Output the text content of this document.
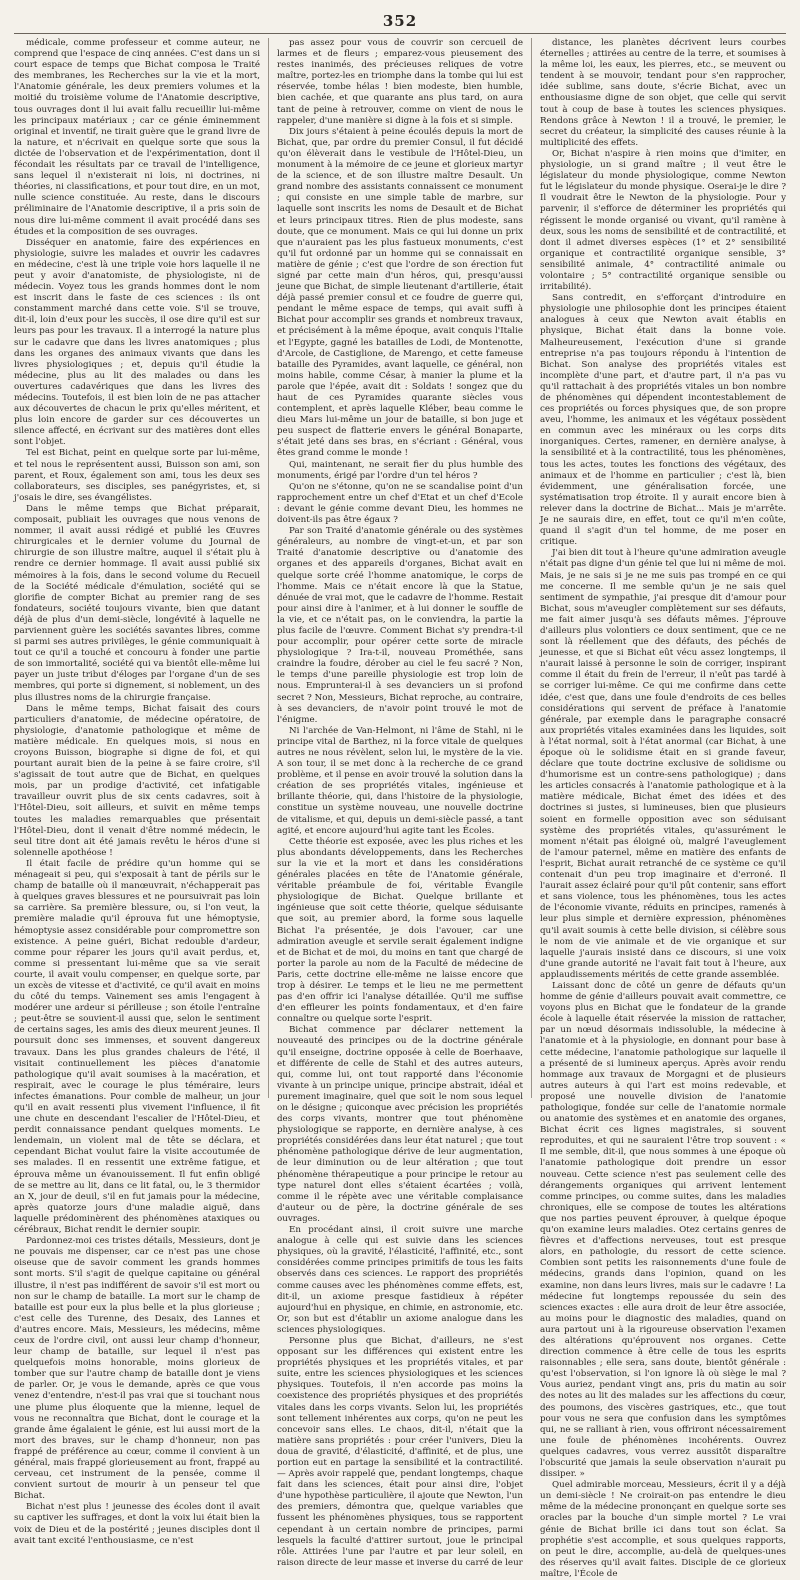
352

médicale, comme professeur et comme auteur, ne comprend que l'espace de cinq années. C'est dans un si court espace de temps que Bichat composa le Traité des membranes, les Recherches sur la vie et la mort, l'Anatomie générale, les deux premiers volumes et la moitié du troisième volume de l'Anatomie descriptive, tous ouvrages dont il lui avait fallu recueillir lui-même les principaux matériaux ; car ce génie éminemment original et inventif, ne tirait guère que le grand livre de la nature, et n'écrivait en quelque sorte que sous la dictée de l'observation et de l'expérimentation, dont il fécondait les résultats par ce travail de l'intelligence, sans lequel il n'existerait ni lois, ni doctrines, ni théories, ni classifications, et pour tout dire, en un mot, nulle science constituée. Au reste, dans le discours préliminaire de l'Anatomie descriptive, il a pris soin de nous dire lui-même comment il avait procédé dans ses études et la composition de ses ouvrages.

Disséquer en anatomie, faire des expériences en physiologie, suivre les malades et ouvrir les cadavres en médecine, c'est là une triple voie hors laquelle il ne peut y avoir d'anatomiste, de physiologiste, ni de médecin. Voyez tous les grands hommes dont le nom est inscrit dans le faste de ces sciences : ils ont constamment marché dans cette voie. S'il se trouve, dit-il, loin d'eux pour les succès, il ose dire qu'il est sur leurs pas pour les travaux. Il a interrogé la nature plus sur le cadavre que dans les livres anatomiques ; plus dans les organes des animaux vivants que dans les livres physiologiques ; et, depuis qu'il étudie la médecine, plus au lit des malades ou dans les ouvertures cadavériques que dans les livres des médecins. Toutefois, il est bien loin de ne pas attacher aux découvertes de chacun le prix qu'elles méritent, et plus loin encore de garder sur ces découvertes un silence affecté, en écrivant sur des matières dont elles sont l'objet.

Tel est Bichat, peint en quelque sorte par lui-même, et tel nous le représentent aussi, Buisson son ami, son parent, et Roux, également son ami, tous les deux ses collaborateurs, ses disciples, ses panégyristes, et, si j'osais le dire, ses évangélistes.

Dans le même temps que Bichat préparait, composait, publiait les ouvrages que nous venons de nommer, il avait aussi rédigé et publié les Œuvres chirurgicales et le dernier volume du Journal de chirurgie de son illustre maître, auquel il s'était plu à rendre ce dernier hommage. Il avait aussi publié six mémoires à la fois, dans le second volume du Recueil de la Société médicale d'émulation, société qui se glorifie de compter Bichat au premier rang de ses fondateurs, société toujours vivante, bien que datant déjà de plus d'un demi-siècle, longévité à laquelle ne parviennent guère les sociétés savantes libres, comme si parmi ses autres privilèges, le génie communiquait à tout ce qu'il a touché et concouru à fonder une partie de son immortalité, société qui va bientôt elle-même lui payer un juste tribut d'éloges par l'organe d'un de ses membres, qui porte si dignement, si noblement, un des plus illustres noms de la chirurgie française.

Dans le même temps, Bichat faisait des cours particuliers d'anatomie, de médecine opératoire, de physiologie, d'anatomie pathologique et même de matière médicale. En quelques mois, si nous en croyons Buisson, biographe si digne de foi, et qui pourtant aurait bien de la peine à se faire croire, s'il s'agissait de tout autre que de Bichat, en quelques mois, par un prodige d'activité, cet infatigable travailleur ouvrit plus de six cents cadavres, soit à l'Hôtel-Dieu, soit ailleurs, et suivit en même temps toutes les maladies remarquables que présentait l'Hôtel-Dieu, dont il venait d'être nommé médecin, le seul titre dont ait été jamais revêtu le héros d'une si solennelle apothéose !

Il était facile de prédire qu'un homme qui se ménageait si peu, qui s'exposait à tant de périls sur le champ de bataille où il manœuvrait, n'échapperait pas à quelques graves blessures et ne poursuivrait pas loin sa carrière. Sa première blessure, ou, si l'on veut, la première maladie qu'il éprouva fut une hémoptysie, hémoptysie assez considérable pour compromettre son existence. A peine guéri, Bichat redouble d'ardeur, comme pour réparer les jours qu'il avait perdus, et, comme si pressentant lui-même que sa vie serait courte, il avait voulu compenser, en quelque sorte, par un excès de vitesse et d'activité, ce qu'il avait en moins du côté du temps. Vainement ses amis l'engagent à modérer une ardeur si périlleuse ; son étoile l'entraîne ; peut-être se souvient-il aussi que, selon le sentiment de certains sages, les amis des dieux meurent jeunes. Il poursuit donc ses immenses, et souvent dangereux travaux. Dans les plus grandes chaleurs de l'été, il visitait continuellement les pièces d'anatomie pathologique qu'il avait soumises à la macération, et respirait, avec le courage le plus téméraire, leurs infectes émanations. Pour comble de malheur, un jour qu'il en avait ressenti plus vivement l'influence, il fit une chute en descendant l'escalier de l'Hôtel-Dieu, et perdit connaissance pendant quelques moments. Le lendemain, un violent mal de tête se déclara, et cependant Bichat voulut faire la visite accoutumée de ses malades. Il en ressentit une extrême fatigue, et éprouva même un évanouissement. Il fut enfin obligé de se mettre au lit, dans ce lit fatal, ou, le 3 thermidor an X, jour de deuil, s'il en fut jamais pour la médecine, après quatorze jours d'une maladie aiguë, dans laquelle prédominèrent des phénomènes ataxiques ou cérébraux, Bichat rendit le dernier soupir.

Pardonnez-moi ces tristes détails, Messieurs, dont je ne pouvais me dispenser, car ce n'est pas une chose oiseuse que de savoir comment les grands hommes sont morts. S'il s'agit de quelque capitaine ou général illustre, il n'est pas indifférent de savoir s'il est mort ou non sur le champ de bataille. La mort sur le champ de bataille est pour eux la plus belle et la plus glorieuse ; c'est celle des Turenne, des Desaix, des Lannes et d'autres encore. Mais, Messieurs, les médecins, même ceux de l'ordre civil, ont aussi leur champ d'honneur, leur champ de bataille, sur lequel il n'est pas quelquefois moins honorable, moins glorieux de tomber que sur l'autre champ de bataille dont je viens de parler. Or, je vous le demande, après ce que vous venez d'entendre, n'est-il pas vrai que si touchant nous une plume plus éloquente que la mienne, lequel de vous ne reconnaîtra que Bichat, dont le courage et la grande âme égalaient le génie, est lui aussi mort de la mort des braves, sur le champ d'honneur, non pas frappé de préférence au cœur, comme il convient à un général, mais frappé glorieusement au front, frappé au cerveau, cet instrument de la pensée, comme il convient surtout de mourir à un penseur tel que Bichat.

Bichat n'est plus ! jeunesse des écoles dont il avait su captiver les suffrages, et dont la voix lui était bien la voix de Dieu et de la postérité ; jeunes disciples dont il avait tant excité l'enthousiasme, ce n'est

pas assez pour vous de couvrir son cercueil de larmes et de fleurs ; emparez-vous pieusement des restes inanimés, des précieuses reliques de votre maître, portez-les en triomphe dans la tombe qui lui est réservée, tombe hélas ! bien modeste, bien humble, bien cachée, et que quarante ans plus tard, on aura tant de peine à retrouver, comme on vient de nous le rappeler, d'une manière si digne à la fois et si simple.

Dix jours s'étaient à peine écoulés depuis la mort de Bichat, que, par ordre du premier Consul, il fut décidé qu'on élèverait dans le vestibule de l'Hôtel-Dieu, un monument à la mémoire de ce jeune et glorieux martyr de la science, et de son illustre maître Desault. Un grand nombre des assistants connaissent ce monument ; qui consiste en une simple table de marbre, sur laquelle sont inscrits les noms de Desault et de Bichat et leurs principaux titres. Rien de plus modeste, sans doute, que ce monument. Mais ce qui lui donne un prix que n'auraient pas les plus fastueux monuments, c'est qu'il fut ordonné par un homme qui se connaissait en matière de génie ; c'est que l'ordre de son érection fut signé par cette main d'un héros, qui, presqu'aussi jeune que Bichat, de simple lieutenant d'artillerie, était déjà passé premier consul et ce foudre de guerre qui, pendant le même espace de temps, qui avait suffi à Bichat pour accomplir ses grands et nombreux travaux, et précisément à la même époque, avait conquis l'Italie et l'Egypte, gagné les batailles de Lodi, de Montenotte, d'Arcole, de Castiglione, de Marengo, et cette fameuse bataille des Pyramides, avant laquelle, ce général, non moins habile, comme César, à manier la plume et la parole que l'épée, avait dit : Soldats ! songez que du haut de ces Pyramides quarante siècles vous contemplent, et après laquelle Kléber, beau comme le dieu Mars lui-même un jour de bataille, si bon juge et peu suspect de flatterie envers le général Bonaparte, s'était jeté dans ses bras, en s'écriant : Général, vous êtes grand comme le monde !

Qui, maintenant, ne serait fier du plus humble des monuments, érigé par l'ordre d'un tel héros ?

Qu'on ne s'étonne, qu'on ne se scandalise point d'un rapprochement entre un chef d'Etat et un chef d'Ecole : devant le génie comme devant Dieu, les hommes ne doivent-ils pas être égaux ?

Par son Traité d'anatomie générale ou des systèmes généraleurs, au nombre de vingt-et-un, et par son Traité d'anatomie descriptive ou d'anatomie des organes et des appareils d'organes, Bichat avait en quelque sorte créé l'homme anatomique, le corps de l'homme. Mais ce n'était encore là que la Statue, dénuée de vrai mot, que le cadavre de l'homme. Restait pour ainsi dire à l'animer, et à lui donner le souffle de la vie, et ce n'était pas, on le conviendra, la partie la plus facile de l'œuvre. Comment Bichat s'y prendra-t-il pour accomplir, pour opérer cette sorte de miracle physiologique ? Ira-t-il, nouveau Prométhée, sans craindre la foudre, dérober au ciel le feu sacré ? Non, le temps d'une pareille physiologie est trop loin de nous. Emprunterai-il à ses devanciers un si profond secret ? Non, Messieurs, Bichat reproche, au contraire, à ses devanciers, de n'avoir point trouvé le mot de l'énigme.

Ni l'archée de Van-Helmont, ni l'âme de Stahl, ni le principe vital de Barthez, ni la force vitale de quelques autres ne nous révèlent, selon lui, le mystère de la vie. A son tour, il se met donc à la recherche de ce grand problème, et il pense en avoir trouvé la solution dans la création de ses propriétés vitales, ingénieuse et brillante théorie, qui, dans l'histoire de la physiologie, constitue un système nouveau, une nouvelle doctrine de vitalisme, et qui, depuis un demi-siècle passé, a tant agité, et encore aujourd'hui agite tant les Écoles.

Cette théorie est exposée, avec les plus riches et les plus abondants développements, dans les Recherches sur la vie et la mort et dans les considérations générales placées en tête de l'Anatomie générale, véritable préambule de foi, véritable Évangile physiologique de Bichat. Quelque brillante et ingénieuse que soit cette théorie, quelque séduisante que soit, au premier abord, la forme sous laquelle Bichat l'a présentée, je dois l'avouer, car une admiration aveugle et servile serait également indigne et de Bichat et de moi, du moins en tant que chargé de porter la parole au nom de la Faculté de médecine de Paris, cette doctrine elle-même ne laisse encore que trop à désirer. Le temps et le lieu ne me permettent pas d'en offrir ici l'analyse détaillée. Qu'il me suffise d'en effleurer les points fondamentaux, et d'en faire connaître ou quelque sorte l'esprit.

Bichat commence par déclarer nettement la nouveauté des principes ou de la doctrine générale qu'il enseigne, doctrine opposée à celle de Boerhaave, et différente de celle de Stahl et des autres auteurs, qui, comme lui, ont tout rapporté dans l'économie vivante à un principe unique, principe abstrait, idéal et purement imaginaire, quel que soit le nom sous lequel on le désigne ; quiconque avec précision les propriétés des corps vivants, montrer que tout phénomène physiologique se rapporte, en dernière analyse, à ces propriétés considérées dans leur état naturel ; que tout phénomène pathologique dérive de leur augmentation, de leur diminution ou de leur altération ; que tout phénomène thérapeutique a pour principe le retour au type naturel dont elles s'étaient écartées ; voilà, comme il le répète avec une véritable complaisance d'auteur ou de père, la doctrine générale de ses ouvrages.

En procédant ainsi, il croit suivre une marche analogue à celle qui est suivie dans les sciences physiques, où la gravité, l'élasticité, l'affinité, etc., sont considérées comme principes primitifs de tous les faits observés dans ces sciences. Le rapport des propriétés comme causes avec les phénomènes comme effets, est, dit-il, un axiome presque fastidieux à répéter aujourd'hui en physique, en chimie, en astronomie, etc. Or, son but est d'établir un axiome analogue dans les sciences physiologiques.

Personne plus que Bichat, d'ailleurs, ne s'est opposant sur les différences qui existent entre les propriétés physiques et les propriétés vitales, et par suite, entre les sciences physiologiques et les sciences physiques. Toutefois, il n'en accorde pas moins la coexistence des propriétés physiques et des propriétés vitales dans les corps vivants. Selon lui, les propriétés sont tellement inhérentes aux corps, qu'on ne peut les concevoir sans elles. Le chaos, dit-il, n'était que la matière sans propriétés : pour créer l'univers, Dieu la doua de gravité, d'élasticité, d'affinité, et de plus, une portion eut en partage la sensibilité et la contractilité. — Après avoir rappelé que, pendant longtemps, chaque fait dans les sciences, était pour ainsi dire, l'objet d'une hypothèse particulière, il ajoute que Newton, l'un des premiers, démontra que, quelque variables que fussent les phénomènes physiques, tous se rapportent cependant à un certain nombre de principes, parmi lesquels la faculté d'attirer surtout, joue le principal rôle. Attirées l'une par l'autre et par leur soleil, en raison directe de leur masse et inverse du carré de leur

distance, les planètes décrivent leurs courbes éternelles ; attirées au centre de la terre, et soumises à la même loi, les eaux, les pierres, etc., se meuvent ou tendent à se mouvoir, tendant pour s'en rapprocher, idée sublime, sans doute, s'écrie Bichat, avec un enthousiasme digne de son objet, que celle qui servit tout à coup de base à toutes les sciences physiques. Rendons grâce à Newton ! il a trouvé, le premier, le secret du créateur, la simplicité des causes réunie à la multiplicité des effets.

Or, Bichat n'aspire à rien moins que d'imiter, en physiologie, un si grand maître ; il veut être le législateur du monde physiologique, comme Newton fut le législateur du monde physique. Oserai-je le dire ? Il voudrait être le Newton de la physiologie. Pour y parvenir, il s'efforce de déterminer les propriétés qui régissent le monde organisé ou vivant, qu'il ramène à deux, sous les noms de sensibilité et de contractilité, et dont il admet diverses espèces (1° et 2° sensibilité organique et contractilité organique sensible, 3° sensibilité animale, 4° contractilité animale ou volontaire ; 5° contractilité organique sensible ou irritabilité).

Sans contredit, en s'efforçant d'introduire en physiologie une philosophie dont les principes étaient analogues à ceux que Newton avait établis en physique, Bichat était dans la bonne voie. Malheureusement, l'exécution d'une si grande entreprise n'a pas toujours répondu à l'intention de Bichat. Son analyse des propriétés vitales est incomplète d'une part, et d'autre part, il n'a pas vu qu'il rattachait à des propriétés vitales un bon nombre de phénomènes qui dépendent incontestablement de ces propriétés ou forces physiques que, de son propre aveu, l'homme, les animaux et les végétaux possèdent en commun avec les minéraux ou les corps dits inorganiques. Certes, ramener, en dernière analyse, à la sensibilité et à la contractilité, tous les phénomènes, tous les actes, toutes les fonctions des végétaux, des animaux et de l'homme en particulier ; c'est là, bien évidemment, une généralisation forcée, une systématisation trop étroite. Il y aurait encore bien à relever dans la doctrine de Bichat... Mais je m'arrête. Je ne saurais dire, en effet, tout ce qu'il m'en coûte, quand il s'agit d'un tel homme, de me poser en critique.

J'ai bien dit tout à l'heure qu'une admiration aveugle n'était pas digne d'un génie tel que lui ni même de moi. Mais, je ne sais si je ne me suis pas trompé en ce qui me concerne. Il me semble qu'un je ne sais quel sentiment de sympathie, j'ai presque dit d'amour pour Bichat, sous m'aveugler complètement sur ses défauts, me fait aimer jusqu'à ses défauts mêmes. J'éprouve d'ailleurs plus volontiers ce doux sentiment, que ce ne sont là réellement que des défauts, des péchés de jeunesse, et que si Bichat eût vécu assez longtemps, il n'aurait laissé à personne le soin de corriger, inspirant comme il était du frein de l'erreur, il n'eût pas tardé à se corriger lui-même. Ce qui me confirme dans cette idée, c'est que, dans une foule d'endroits de ces belles considérations qui servent de préface à l'anatomie générale, par exemple dans le paragraphe consacré aux propriétés vitales examinées dans les liquides, soit à l'état normal, soit à l'état anormal (car Bichat, à une époque où le solidisme était en si grande faveur, déclare que toute doctrine exclusive de solidisme ou d'humorisme est un contre-sens pathologique) ; dans les articles consacrés à l'anatomie pathologique et à la matière médicale, Bichat émet des idées et des doctrines si justes, si lumineuses, bien que plusieurs soient en formelle opposition avec son séduisant système des propriétés vitales, qu'assurément le moment n'était pas éloigné où, malgré l'aveuglement de l'amour paternel, même en matière des enfants de l'esprit, Bichat aurait retranché de ce système ce qu'il contenait d'un peu trop imaginaire et d'erroné. Il l'aurait assez éclairé pour qu'il pût contenir, sans effort et sans violence, tous les phénomènes, tous les actes de l'économie vivante, réduits en principes, ramenés à leur plus simple et dernière expression, phénomènes qu'il avait soumis à cette belle division, si célèbre sous le nom de vie animale et de vie organique et sur laquelle j'aurais insisté dans ce discours, si une voix d'une grande autorité ne l'avait fait tout à l'heure, aux applaudissements mérités de cette grande assemblée.

Laissant donc de côté un genre de défauts qu'un homme de génie d'ailleurs pouvait avait commettre, ce voyons plus en Bichat que le fondateur de la grande école à laquelle était réservée la mission de rattacher, par un nœud désormais indissoluble, la médecine à l'anatomie et à la physiologie, en donnant pour base à cette médecine, l'anatomie pathologique sur laquelle il a présenté de si lumineux aperçus. Après avoir rendu hommage aux travaux de Morgagni et de plusieurs autres auteurs à qui l'art est moins redevable, et proposé une nouvelle division de l'anatomie pathologique, fondée sur celle de l'anatomie normale ou anatomie des systèmes et en anatomie des organes, Bichat écrit ces lignes magistrales, si souvent reproduites, et qui ne sauraient l'être trop souvent : « Il me semble, dit-il, que nous sommes à une époque où l'anatomie pathologique doit prendre un essor nouveau. Cette science n'est pas seulement celle des dérangements organiques qui arrivent lentement comme principes, ou comme suites, dans les maladies chroniques, elle se compose de toutes les altérations que nos parties peuvent éprouver, à quelque époque qu'on examine leurs maladies. Otez certains genres de fièvres et d'affections nerveuses, tout est presque alors, en pathologie, du ressort de cette science. Combien sont petits les raisonnements d'une foule de médecins, grands dans l'opinion, quand on les examine, non dans leurs livres, mais sur le cadavre ! La médecine fut longtemps repoussée du sein des sciences exactes : elle aura droit de leur être associée, au moins pour le diagnostic des maladies, quand on aura partout uni à la rigoureuse observation l'examen des altérations qu'éprouvent nos organes. Cette direction commence à être celle de tous les esprits raisonnables ; elle sera, sans doute, bientôt générale : qu'est l'observation, si l'on ignore là où siège le mal ? Vous auriez, pendant vingt ans, pris du matin au soir des notes au lit des malades sur les affections du cœur, des poumons, des viscères gastriques, etc., que tout pour vous ne sera que confusion dans les symptômes qui, ne se ralliant à rien, vous offriront nécessairement une foule de phénomènes incohérents. Ouvrez quelques cadavres, vous verrez aussitôt disparaître l'obscurité que jamais la seule observation n'aurait pu dissiper. »

Quel admirable morceau, Messieurs, écrit il y a déjà un demi-siècle ! Ne croirait-on pas entendre le dieu même de la médecine prononçant en quelque sorte ses oracles par la bouche d'un simple mortel ? Le vrai génie de Bichat brille ici dans tout son éclat. Sa prophétie s'est accomplie, et sous quelques rapports, on peut le dire, accomplie, au-delà de quelques-unes des réserves qu'il avait faites. Disciple de ce glorieux maître, l'École de
